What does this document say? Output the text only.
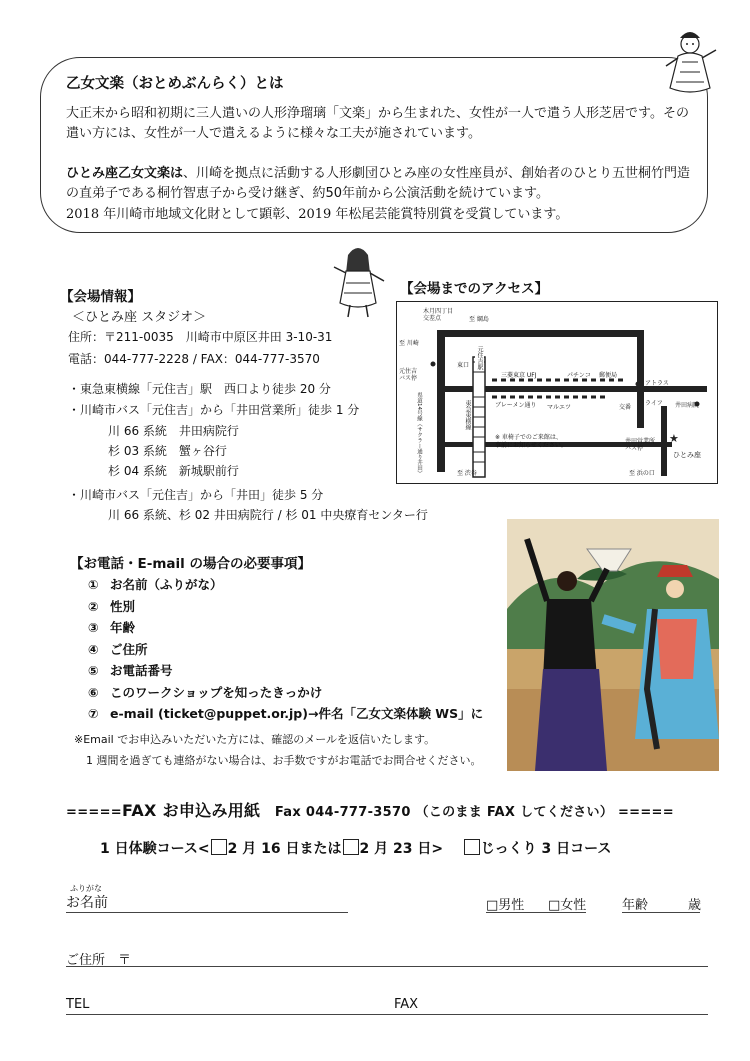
乙女文楽（おとめぶんらく）とは
大正末から昭和初期に三人遣いの人形浄瑠璃「文楽」から生まれた、女性が一人で遣う人形芝居です。その遣い方には、女性が一人で遣えるように様々な工夫が施されています。
ひとみ座乙女文楽は、川崎を拠点に活動する人形劇団ひとみ座の女性座員が、創始者のひとり五世桐竹門造の直弟子である桐竹智恵子から受け継ぎ、約50年前から公演活動を続けています。
2018 年川崎市地域文化財として顕彰、2019 年松尾芸能賞特別賞を受賞しています。
【会場情報】
＜ひとみ座 スタジオ＞
住所：〒211-0035　川崎市中原区井田 3-10-31
電話：044-777-2228 / FAX：044-777-3570
・東急東横線「元住吉」駅　西口より徒歩 20 分
・川崎市バス「元住吉」から「井田営業所」徒歩 1 分
川 66 系統　井田病院行
杉 03 系統　蟹ヶ谷行
杉 04 系統　新城駅前行
・川崎市バス「元住吉」から「井田」徒歩 5 分
川 66 系統、杉 02 井田病院行 / 杉 01 中央療育センター行
【会場までのアクセス】
★
木月四丁目
交差点	至 綱島
至 川崎
元住吉
バス停
東口 元住吉駅
三菱東京 UFJ	パチンコ 郵便局
アトラス
ブレーメン通り マルエツ	交番
ライフ 井田病院
井田営業所
バス停
ひとみ座
至 渋谷	至 浜の口
東急東横線
県道14号線（サクラー通り井田）	※ 車椅子でのご来館は、
事前にお知らせください。
【お電話・E-mail の場合の必要事項】
① お名前（ふりがな）
② 性別
③ 年齢
④ ご住所
⑤ お電話番号
⑥ このワークショップを知ったきっかけ
⑦ e-mail (ticket@puppet.or.jp)→件名「乙女文楽体験 WS」に
※Email でお申込みいただいた方には、確認のメールを返信いたします。
1 週間を過ぎても連絡がない場合は、お手数ですがお電話でお問合せください。
=====FAX お申込み用紙 Fax 044-777-3570 （このまま FAX してください） =====
1 日体験コース< 2 月 16 日または 2 月 23 日>	じっくり 3 日コース
ふりがな
お名前	□男性 □女性	年齢	歳
ご住所　〒
TEL	FAX
